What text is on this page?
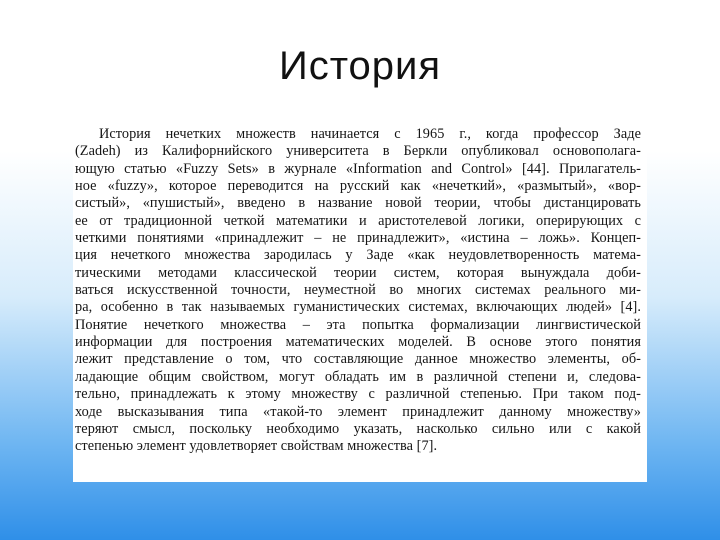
История
История нечетких множеств начинается с 1965 г., когда профессор Заде
(Zadeh) из Калифорнийского университета в Беркли опубликовал основополага-
ющую статью «Fuzzy Sets» в журнале «Information and Control» [44]. Прилагатель-
ное «fuzzy», которое переводится на русский как «нечеткий», «размытый», «вор-
систый», «пушистый», введено в название новой теории, чтобы дистанцировать
ее от традиционной четкой математики и аристотелевой логики, оперирующих с
четкими понятиями «принадлежит – не принадлежит», «истина – ложь». Концеп-
ция нечеткого множества зародилась у Заде «как неудовлетворенность матема-
тическими методами классической теории систем, которая вынуждала доби-
ваться искусственной точности, неуместной во многих системах реального ми-
ра, особенно в так называемых гуманистических системах, включающих людей» [4].
Понятие нечеткого множества – эта попытка формализации лингвистической
информации для построения математических моделей. В основе этого понятия
лежит представление о том, что составляющие данное множество элементы, об-
ладающие общим свойством, могут обладать им в различной степени и, следова-
тельно, принадлежать к этому множеству с различной степенью. При таком под-
ходе высказывания типа «такой-то элемент принадлежит данному множеству»
теряют смысл, поскольку необходимо указать, насколько сильно или с какой
степенью элемент удовлетворяет свойствам множества [7].
